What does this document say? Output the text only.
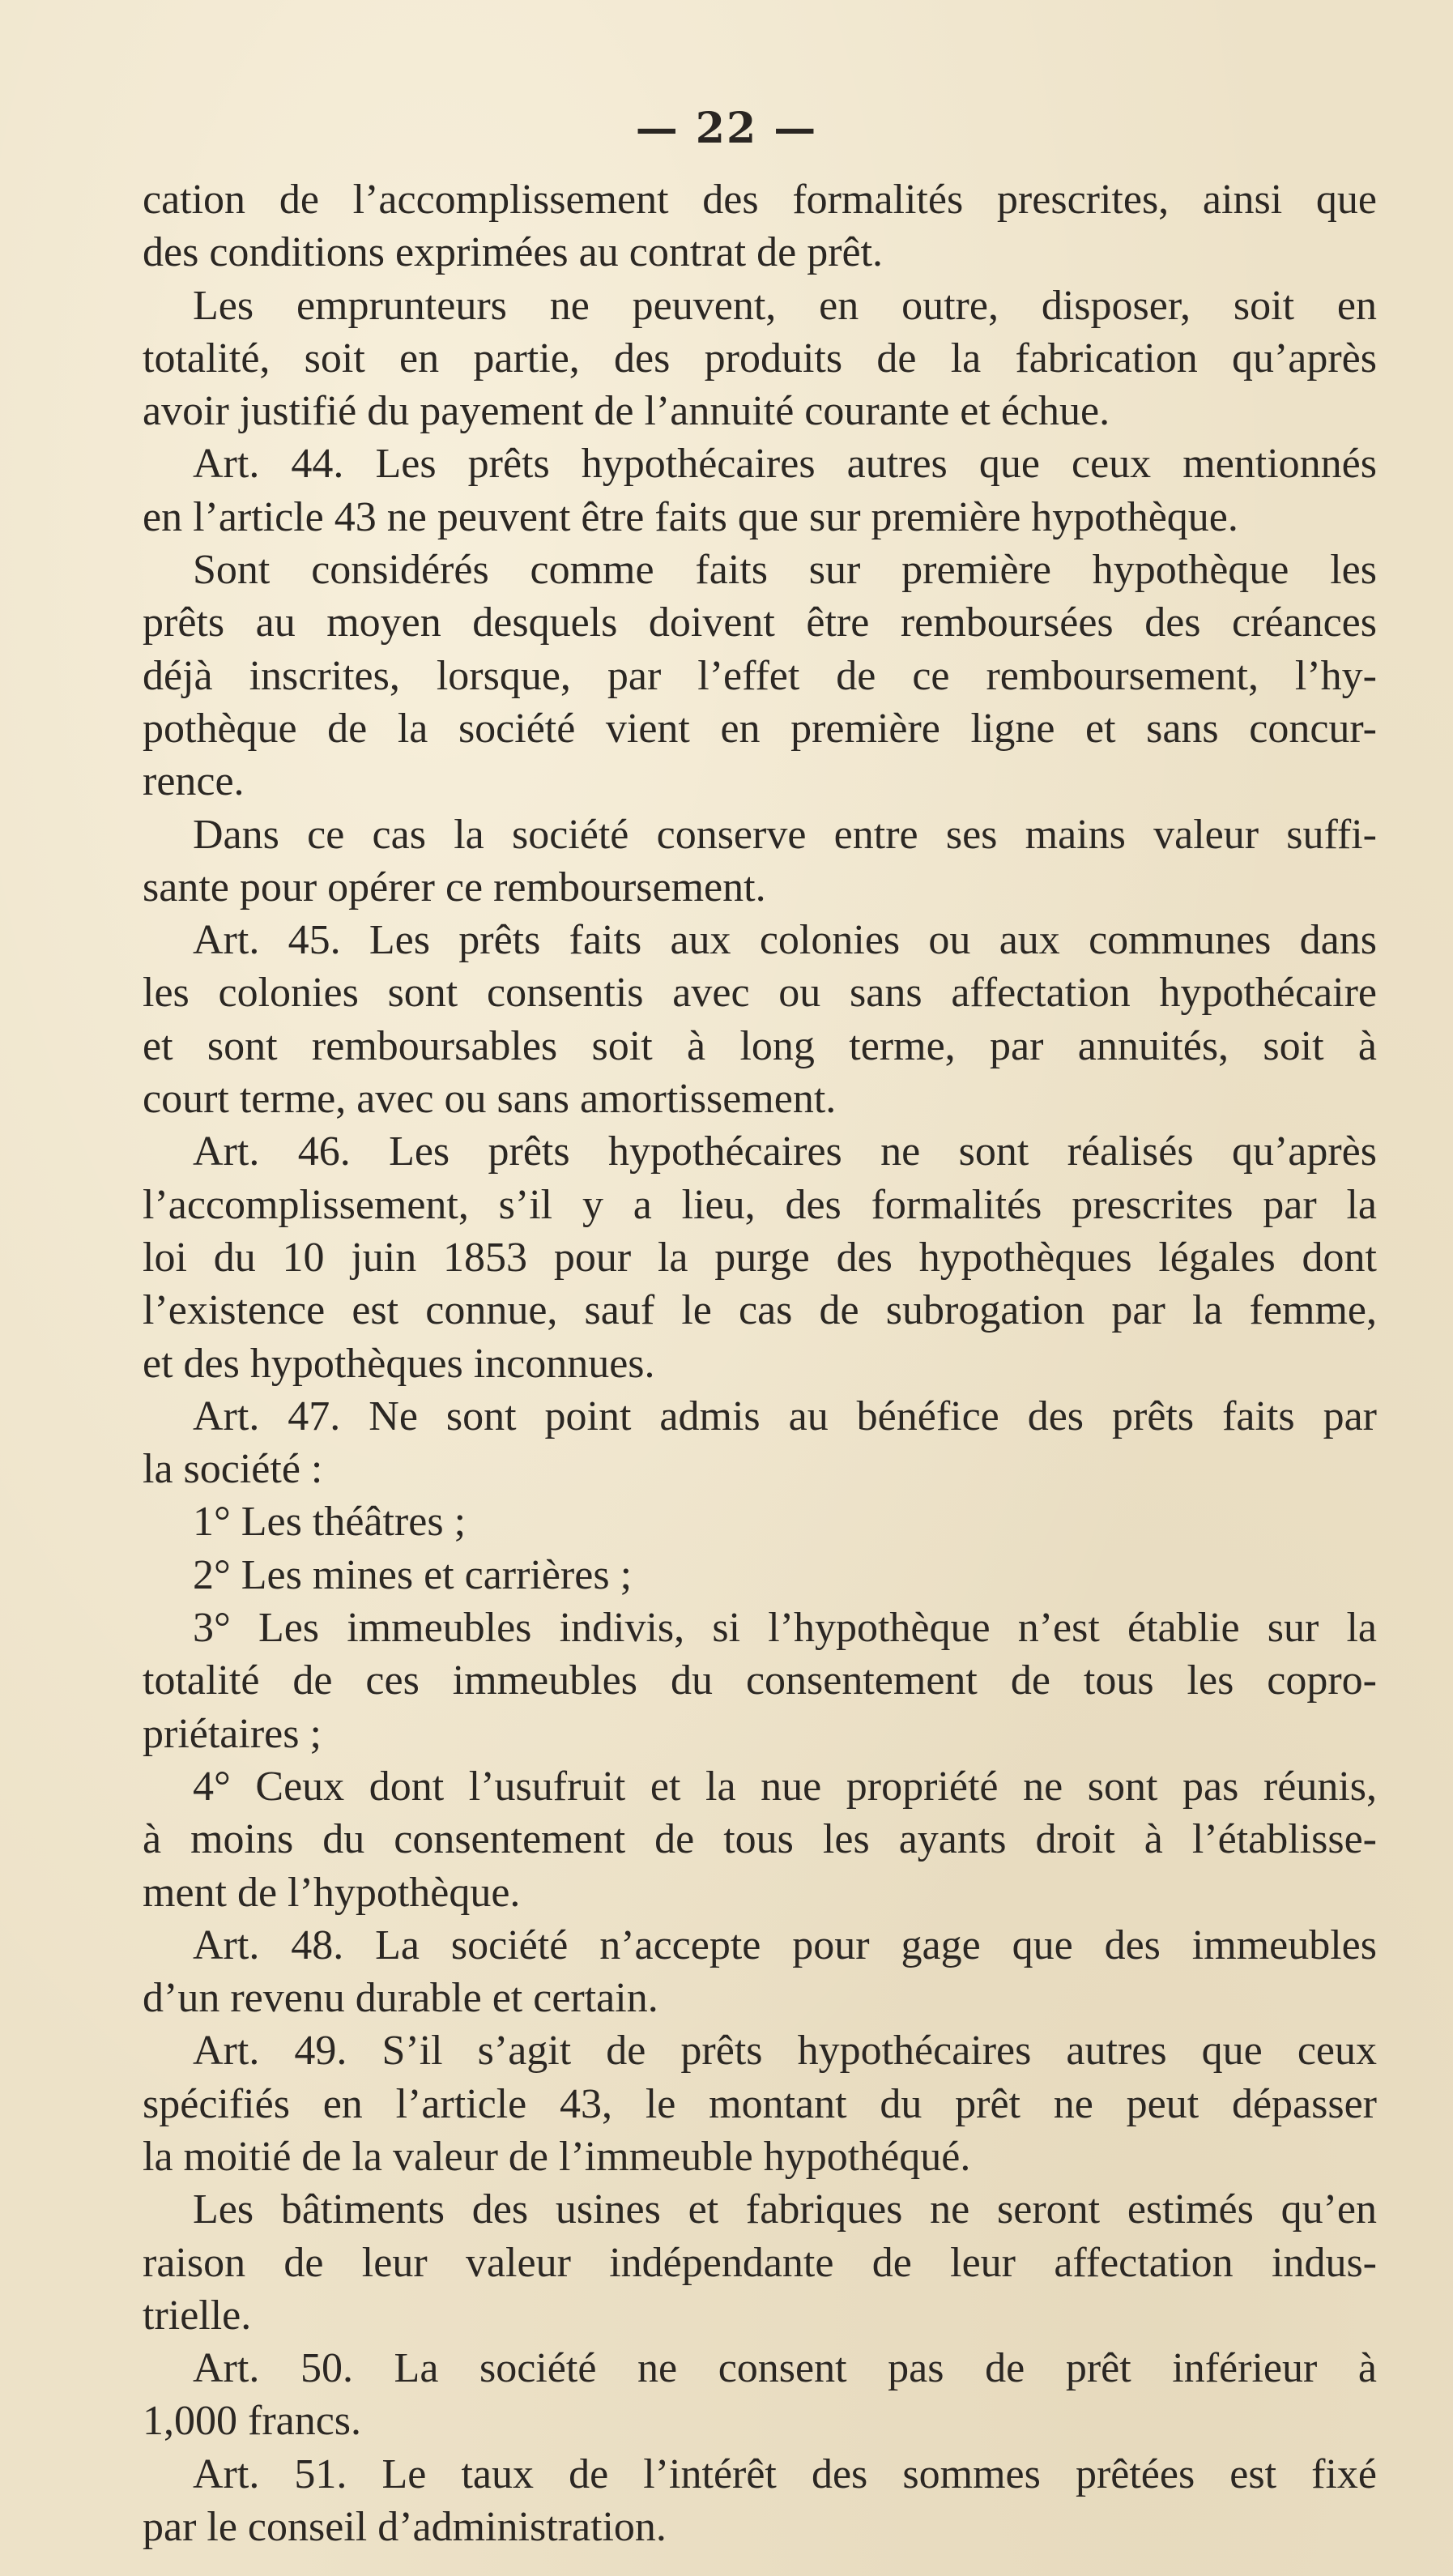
— 22 —
cation de l’accomplissement des formalités prescrites, ainsi que
des conditions exprimées au contrat de prêt.
Les emprunteurs ne peuvent, en outre, disposer, soit en
totalité, soit en partie, des produits de la fabrication qu’après
avoir justifié du payement de l’annuité courante et échue.
Art. 44. Les prêts hypothécaires autres que ceux mentionnés
en l’article 43 ne peuvent être faits que sur première hypothèque.
Sont considérés comme faits sur première hypothèque les
prêts au moyen desquels doivent être remboursées des créances
déjà inscrites, lorsque, par l’effet de ce remboursement, l’hy-
pothèque de la société vient en première ligne et sans concur-
rence.
Dans ce cas la société conserve entre ses mains valeur suffi-
sante pour opérer ce remboursement.
Art. 45. Les prêts faits aux colonies ou aux communes dans
les colonies sont consentis avec ou sans affectation hypothécaire
et sont remboursables soit à long terme, par annuités, soit à
court terme, avec ou sans amortissement.
Art. 46. Les prêts hypothécaires ne sont réalisés qu’après
l’accomplissement, s’il y a lieu, des formalités prescrites par la
loi du 10 juin 1853 pour la purge des hypothèques légales dont
l’existence est connue, sauf le cas de subrogation par la femme,
et des hypothèques inconnues.
Art. 47. Ne sont point admis au bénéfice des prêts faits par
la société :
1° Les théâtres ;
2° Les mines et carrières ;
3° Les immeubles indivis, si l’hypothèque n’est établie sur la
totalité de ces immeubles du consentement de tous les copro-
priétaires ;
4° Ceux dont l’usufruit et la nue propriété ne sont pas réunis,
à moins du consentement de tous les ayants droit à l’établisse-
ment de l’hypothèque.
Art. 48. La société n’accepte pour gage que des immeubles
d’un revenu durable et certain.
Art. 49. S’il s’agit de prêts hypothécaires autres que ceux
spécifiés en l’article 43, le montant du prêt ne peut dépasser
la moitié de la valeur de l’immeuble hypothéqué.
Les bâtiments des usines et fabriques ne seront estimés qu’en
raison de leur valeur indépendante de leur affectation indus-
trielle.
Art. 50. La société ne consent pas de prêt inférieur à
1,000 francs.
Art. 51. Le taux de l’intérêt des sommes prêtées est fixé
par le conseil d’administration.
